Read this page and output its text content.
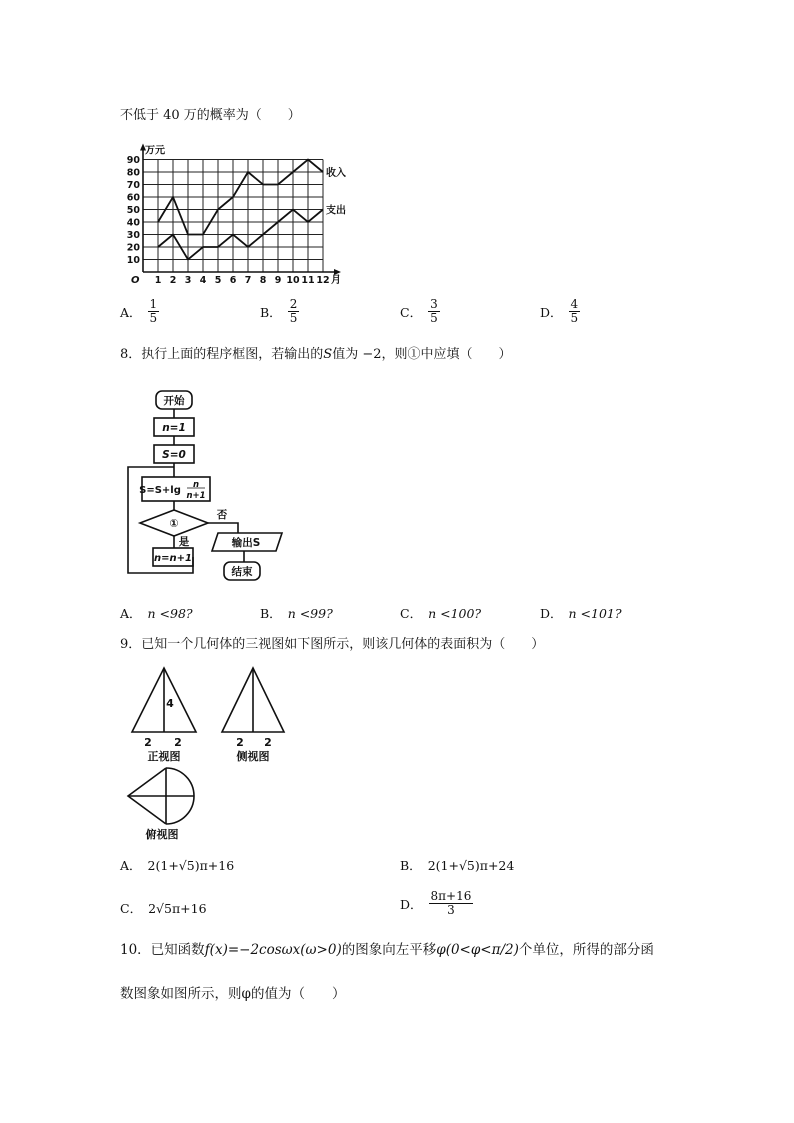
不低于 40 万的概率为（　　）
收入
支出
10
20
30
40
50
60
70
80
90
1 2 3 4 5 6 7 8 9 10 11 12
O
万元
月
A． $\frac{1}{5}$	B． $\frac{2}{5}$	C． $\frac{3}{5}$	D． $\frac{4}{5}$
8．执行上面的程序框图，若输出的S值为 −2，则①中应填（　　）
开始
n=1
S=0
S=S+lg n
n+1
①
否
是
n=n+1
输出S
结束
A． n <98?	B． n <99?	C． n <100?	D． n <101?
9．已知一个几何体的三视图如下图所示，则该几何体的表面积为（　　）
4
2 2
正视图
2 2
侧视图
俯视图
A． 2(1+√5)π+16	B． 2(1+√5)π+24
C． 2√5π+16	D． $\frac{8\pi+16}{3}$
10．已知函数f(x)=−2cosωx(ω>0)的图象向左平移φ(0<φ<π/2)个单位，所得的部分函
数图象如图所示，则φ的值为（　　）
